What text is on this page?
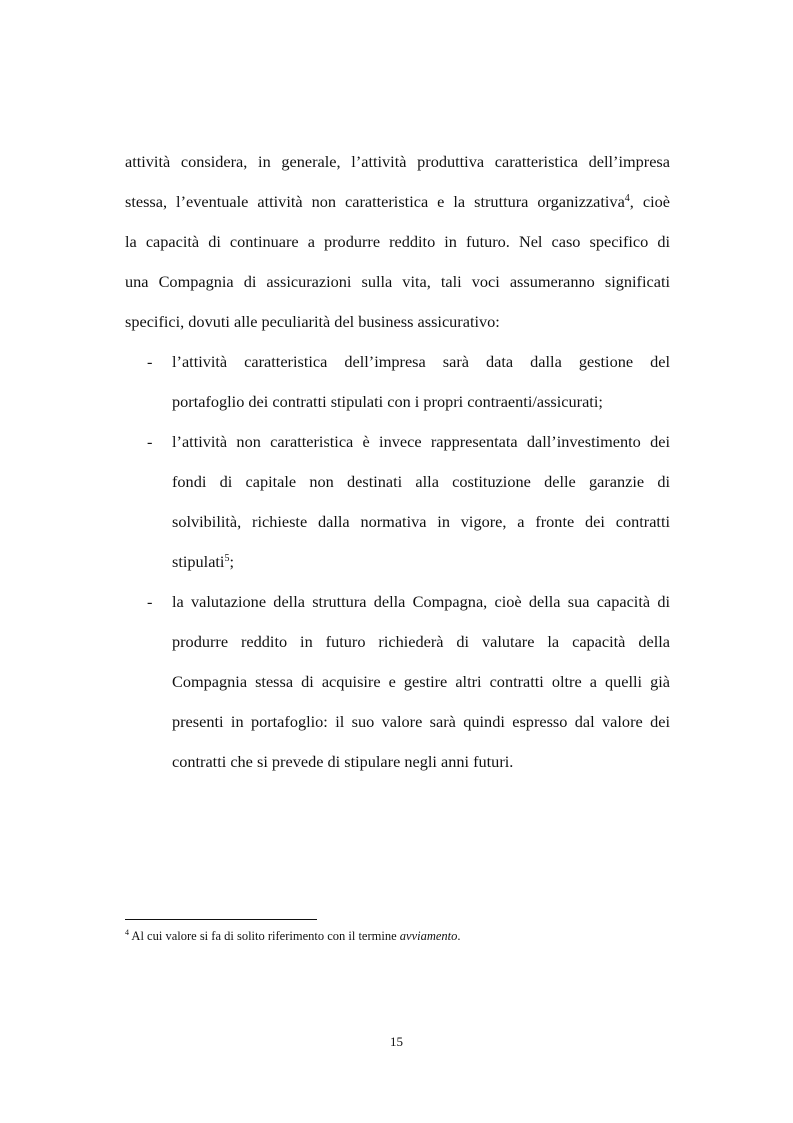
attività considera, in generale, l’attività produttiva caratteristica dell’impresa
stessa, l’eventuale attività non caratteristica e la struttura organizzativa$^4$, cioè
la capacità di continuare a produrre reddito in futuro. Nel caso specifico di
una Compagnia di assicurazioni sulla vita, tali voci assumeranno significati
specifici, dovuti alle peculiarità del business assicurativo:
- l’attività caratteristica dell’impresa sarà data dalla gestione del
portafoglio dei contratti stipulati con i propri contraenti/assicurati;
- l’attività non caratteristica è invece rappresentata dall’investimento dei
fondi di capitale non destinati alla costituzione delle garanzie di
solvibilità, richieste dalla normativa in vigore, a fronte dei contratti
stipulati$^5$;
- la valutazione della struttura della Compagna, cioè della sua capacità di
produrre reddito in futuro richiederà di valutare la capacità della
Compagnia stessa di acquisire e gestire altri contratti oltre a quelli già
presenti in portafoglio: il suo valore sarà quindi espresso dal valore dei
contratti che si prevede di stipulare negli anni futuri.
$^4$ Al cui valore si fa di solito riferimento con il termine avviamento.
15
